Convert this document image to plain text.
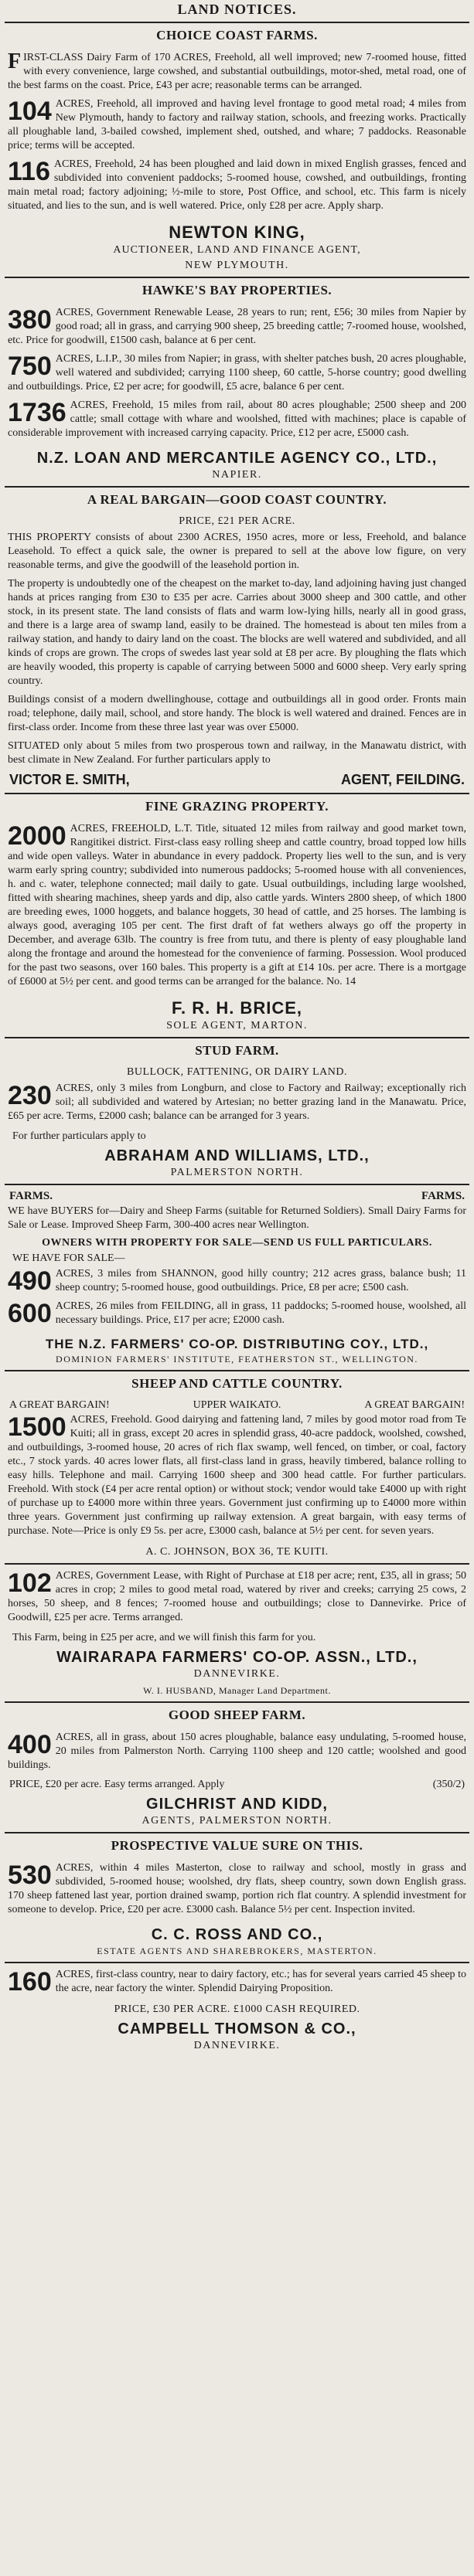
LAND NOTICES.
CHOICE COAST FARMS.
FIRST-CLASS Dairy Farm of 170 ACRES, Freehold, all well improved; new 7-roomed house, fitted with every convenience, large cowshed, and substantial outbuildings, motor-shed, metal road, one of the best farms on the coast. Price, £43 per acre; reasonable terms can be arranged.
104 ACRES, Freehold, all improved and having level frontage to good metal road; 4 miles from New Plymouth, handy to factory and railway station, schools, and freezing works. Practically all ploughable land, 3-bailed cowshed, implement shed, outshed, and whare; 7 paddocks. Reasonable price; terms will be accepted.
116 ACRES, Freehold, 24 has been ploughed and laid down in mixed English grasses, fenced and subdivided into convenient paddocks; 5-roomed house, cowshed, and outbuildings, fronting main metal road; factory adjoining; ½-mile to store, Post Office, and school, etc. This farm is nicely situated, and lies to the sun, and is well watered. Price, only £28 per acre. Apply sharp.
NEWTON KING,
AUCTIONEER, LAND AND FINANCE AGENT,
NEW PLYMOUTH.
HAWKE'S BAY PROPERTIES.
380 ACRES, Government Renewable Lease, 28 years to run; rent, £56; 30 miles from Napier by good road; all in grass, and carrying 900 sheep, 25 breeding cattle; 7-roomed house, woolshed, etc. Price for goodwill, £1500 cash, balance at 6 per cent.
750 ACRES, L.I.P., 30 miles from Napier; in grass, with shelter patches bush, 20 acres ploughable, well watered and subdivided; carrying 1100 sheep, 60 cattle, 5-horse country; good dwelling and outbuildings. Price, £2 per acre; for goodwill, £5 acre, balance 6 per cent.
1736 ACRES, Freehold, 15 miles from rail, about 80 acres ploughable; 2500 sheep and 200 cattle; small cottage with whare and woolshed, fitted with machines; place is capable of considerable improvement with increased carrying capacity. Price, £12 per acre, £5000 cash.
N.Z. LOAN AND MERCANTILE AGENCY CO., LTD.,
NAPIER.
A REAL BARGAIN—GOOD COAST COUNTRY.
PRICE, £21 PER ACRE.
THIS PROPERTY consists of about 2300 ACRES, 1950 acres, more or less, Freehold, and balance Leasehold. To effect a quick sale, the owner is prepared to sell at the above low figure, on very reasonable terms, and give the goodwill of the leasehold portion in.
The property is undoubtedly one of the cheapest on the market to-day, land adjoining having just changed hands at prices ranging from £30 to £35 per acre. Carries about 3000 sheep and 300 cattle, and other stock, in its present state. The land consists of flats and warm low-lying hills, nearly all in good grass, and there is a large area of swamp land, easily to be drained. The homestead is about ten miles from a railway station, and handy to dairy land on the coast. The blocks are well watered and subdivided, and all kinds of crops are grown. The crops of swedes last year sold at £8 per acre. By ploughing the flats which are heavily wooded, this property is capable of carrying between 5000 and 6000 sheep. Very early spring country.
Buildings consist of a modern dwellinghouse, cottage and outbuildings all in good order. Fronts main road; telephone, daily mail, school, and store handy. The block is well watered and drained. Fences are in first-class order. Income from these three last year was over £5000.
SITUATED only about 5 miles from two prosperous town and railway, in the Manawatu district, with best climate in New Zealand. For further particulars apply to
VICTOR E. SMITH,	AGENT, FEILDING.
FINE GRAZING PROPERTY.
2000 ACRES, FREEHOLD, L.T. Title, situated 12 miles from railway and good market town, Rangitikei district. First-class easy rolling sheep and cattle country, broad topped low hills and wide open valleys. Water in abundance in every paddock. Property lies well to the sun, and is very warm early spring country; subdivided into numerous paddocks; 5-roomed house with all conveniences, h. and c. water, telephone connected; mail daily to gate. Usual outbuildings, including large woolshed, fitted with shearing machines, sheep yards and dip, also cattle yards. Winters 2800 sheep, of which 1800 are breeding ewes, 1000 hoggets, and balance hoggets, 30 head of cattle, and 25 horses. The lambing is always good, averaging 105 per cent. The first draft of fat wethers always go off the property in December, and average 63lb. The country is free from tutu, and there is plenty of easy ploughable land along the frontage and around the homestead for the convenience of farming. Possession. Wool produced for the past two seasons, over 160 bales. This property is a gift at £14 10s. per acre. There is a mortgage of £6000 at 5½ per cent. and good terms can be arranged for the balance. No. 14
F. R. H. BRICE,
SOLE AGENT, MARTON.
STUD FARM.
BULLOCK, FATTENING, OR DAIRY LAND.
230 ACRES, only 3 miles from Longburn, and close to Factory and Railway; exceptionally rich soil; all subdivided and watered by Artesian; no better grazing land in the Manawatu. Price, £65 per acre. Terms, £2000 cash; balance can be arranged for 3 years.
For further particulars apply to
ABRAHAM AND WILLIAMS, LTD.,
PALMERSTON NORTH.
FARMS.	FARMS.
WE have BUYERS for—Dairy and Sheep Farms (suitable for Returned Soldiers). Small Dairy Farms for Sale or Lease. Improved Sheep Farm, 300-400 acres near Wellington.
OWNERS WITH PROPERTY FOR SALE—SEND US FULL PARTICULARS.
WE HAVE FOR SALE—
490 ACRES, 3 miles from SHANNON, good hilly country; 212 acres grass, balance bush; 11 sheep country; 5-roomed house, good outbuildings. Price, £8 per acre; £500 cash.
600 ACRES, 26 miles from FEILDING, all in grass, 11 paddocks; 5-roomed house, woolshed, all necessary buildings. Price, £17 per acre; £2000 cash.
THE N.Z. FARMERS' CO-OP. DISTRIBUTING COY., LTD.,
DOMINION FARMERS' INSTITUTE, FEATHERSTON ST., WELLINGTON.
SHEEP AND CATTLE COUNTRY.
A GREAT BARGAIN!	UPPER WAIKATO.	A GREAT BARGAIN!
1500 ACRES, Freehold. Good dairying and fattening land, 7 miles by good motor road from Te Kuiti; all in grass, except 20 acres in splendid grass, 40-acre paddock, woolshed, cowshed, and outbuildings, 3-roomed house, 20 acres of rich flax swamp, well fenced, on timber, or coal, factory etc., 7 stock yards. 40 acres lower flats, all first-class land in grass, heavily timbered, balance rolling to easy hills. Telephone and mail. Carrying 1600 sheep and 300 head cattle. For further particulars. Freehold. With stock (£4 per acre rental option) or without stock; vendor would take £4000 up with right of purchase up to £4000 more within three years. Government just confirming up to £4000 more within three years. Government just confirming up railway extension. A great bargain, with easy terms of purchase. Note—Price is only £9 5s. per acre, £3000 cash, balance at 5½ per cent. for seven years.
A. C. JOHNSON, BOX 36, TE KUITI.
102 ACRES, Government Lease, with Right of Purchase at £18 per acre; rent, £35, all in grass; 50 acres in crop; 2 miles to good metal road, watered by river and creeks; carrying 25 cows, 2 horses, 50 sheep, and 8 fences; 7-roomed house and outbuildings; close to Dannevirke. Price of Goodwill, £25 per acre. Terms arranged.
This Farm, being in £25 per acre, and we will finish this farm for you.
WAIRARAPA FARMERS' CO-OP. ASSN., LTD.,
DANNEVIRKE.
W. I. HUSBAND, Manager Land Department.
GOOD SHEEP FARM.
400 ACRES, all in grass, about 150 acres ploughable, balance easy undulating, 5-roomed house, 20 miles from Palmerston North. Carrying 1100 sheep and 120 cattle; woolshed and good buildings.
PRICE, £20 per acre. Easy terms arranged. Apply	(350/2)
GILCHRIST AND KIDD,
AGENTS, PALMERSTON NORTH.
PROSPECTIVE VALUE SURE ON THIS.
530 ACRES, within 4 miles Masterton, close to railway and school, mostly in grass and subdivided, 5-roomed house; woolshed, dry flats, sheep country, sown down English grass. 170 sheep fattened last year, portion drained swamp, portion rich flat country. A splendid investment for someone to develop. Price, £20 per acre. £3000 cash. Balance 5½ per cent. Inspection invited.
C. C. ROSS AND CO.,
ESTATE AGENTS AND SHAREBROKERS, MASTERTON.
160 ACRES, first-class country, near to dairy factory, etc.; has for several years carried 45 sheep to the acre, near factory the winter. Splendid Dairying Proposition.
PRICE, £30 PER ACRE. £1000 CASH REQUIRED.
CAMPBELL THOMSON & CO.,
DANNEVIRKE.
